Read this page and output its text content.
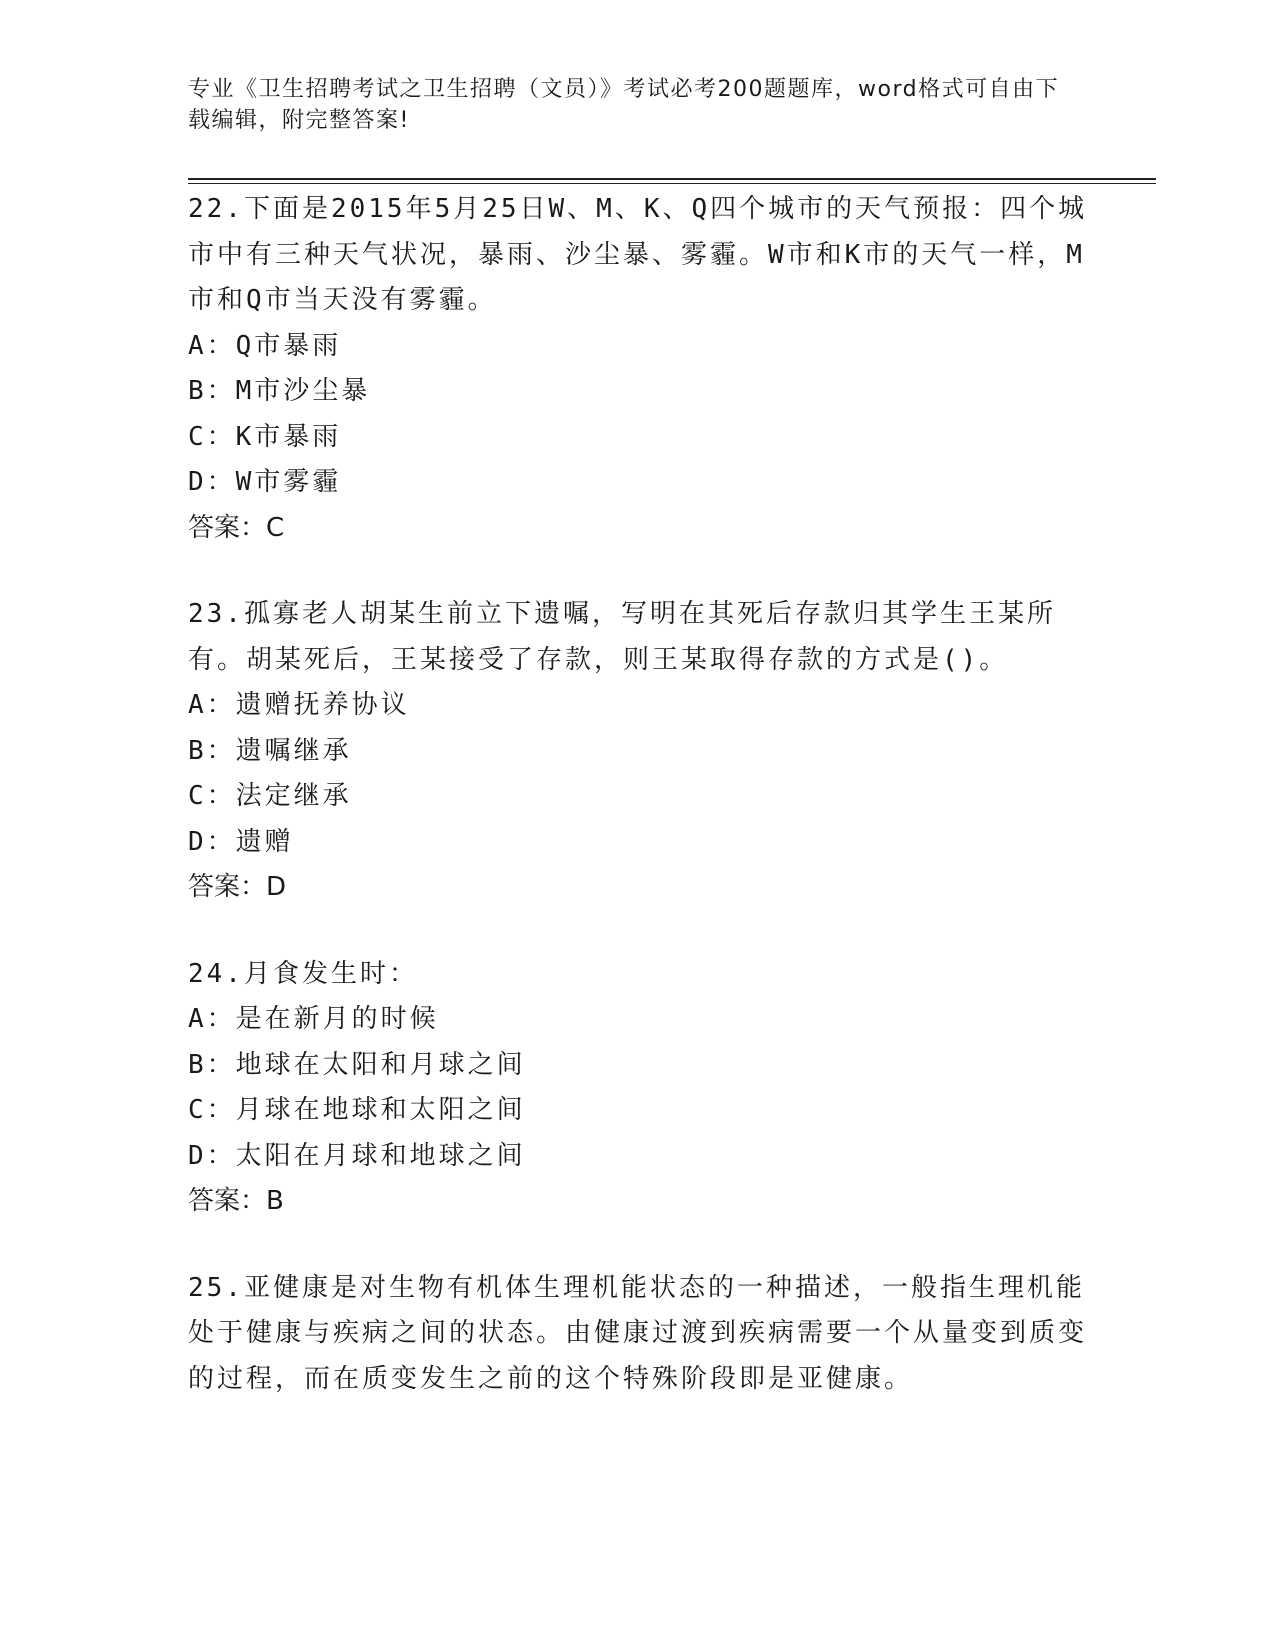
专业《卫生招聘考试之卫生招聘（文员）》考试必考200题题库，word格式可自由下载编辑，附完整答案!
22.下面是2015年5月25日W、M、K、Q四个城市的天气预报：四个城市中有三种天气状况，暴雨、沙尘暴、雾霾。W市和K市的天气一样，M市和Q市当天没有雾霾。
A：Q市暴雨
B：M市沙尘暴
C：K市暴雨
D：W市雾霾
答案：C
23.孤寡老人胡某生前立下遗嘱，写明在其死后存款归其学生王某所有。胡某死后，王某接受了存款，则王某取得存款的方式是()。
A：遗赠抚养协议
B：遗嘱继承
C：法定继承
D：遗赠
答案：D
24.月食发生时：
A：是在新月的时候
B：地球在太阳和月球之间
C：月球在地球和太阳之间
D：太阳在月球和地球之间
答案：B
25.亚健康是对生物有机体生理机能状态的一种描述，一般指生理机能处于健康与疾病之间的状态。由健康过渡到疾病需要一个从量变到质变的过程，而在质变发生之前的这个特殊阶段即是亚健康。
